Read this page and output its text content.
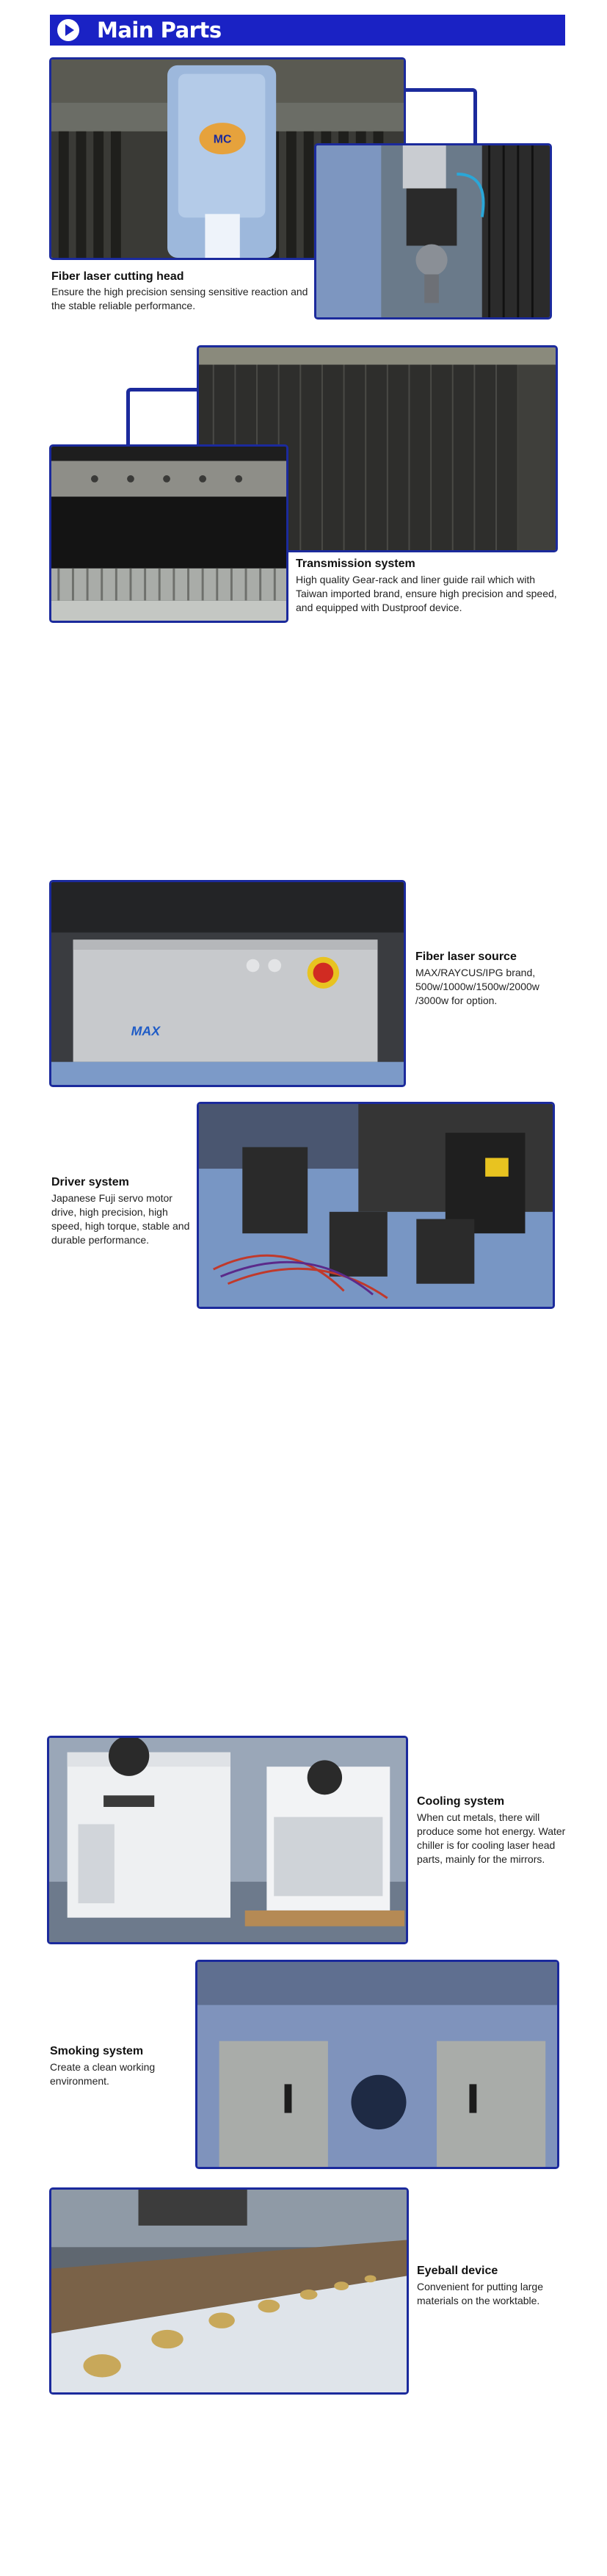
Main Parts
MC
Fiber laser cutting head
Ensure the high precision sensing sensitive reaction and the stable reliable performance.
Transmission system
High quality Gear-rack and liner guide rail which with Taiwan imported brand, ensure high precision and speed, and equipped with Dustproof device.
MAX
Fiber laser source
MAX/RAYCUS/IPG brand, 500w/1000w/1500w/2000w /3000w for option.
Driver system
Japanese Fuji servo motor drive, high precision, high speed, high torque, stable and durable performance.
Cooling system
When cut metals, there will produce some hot energy. Water chiller is for cooling laser head parts, mainly for the mirrors.
Smoking system
Create a clean working environment.
Eyeball device
Convenient for putting large materials on the worktable.
